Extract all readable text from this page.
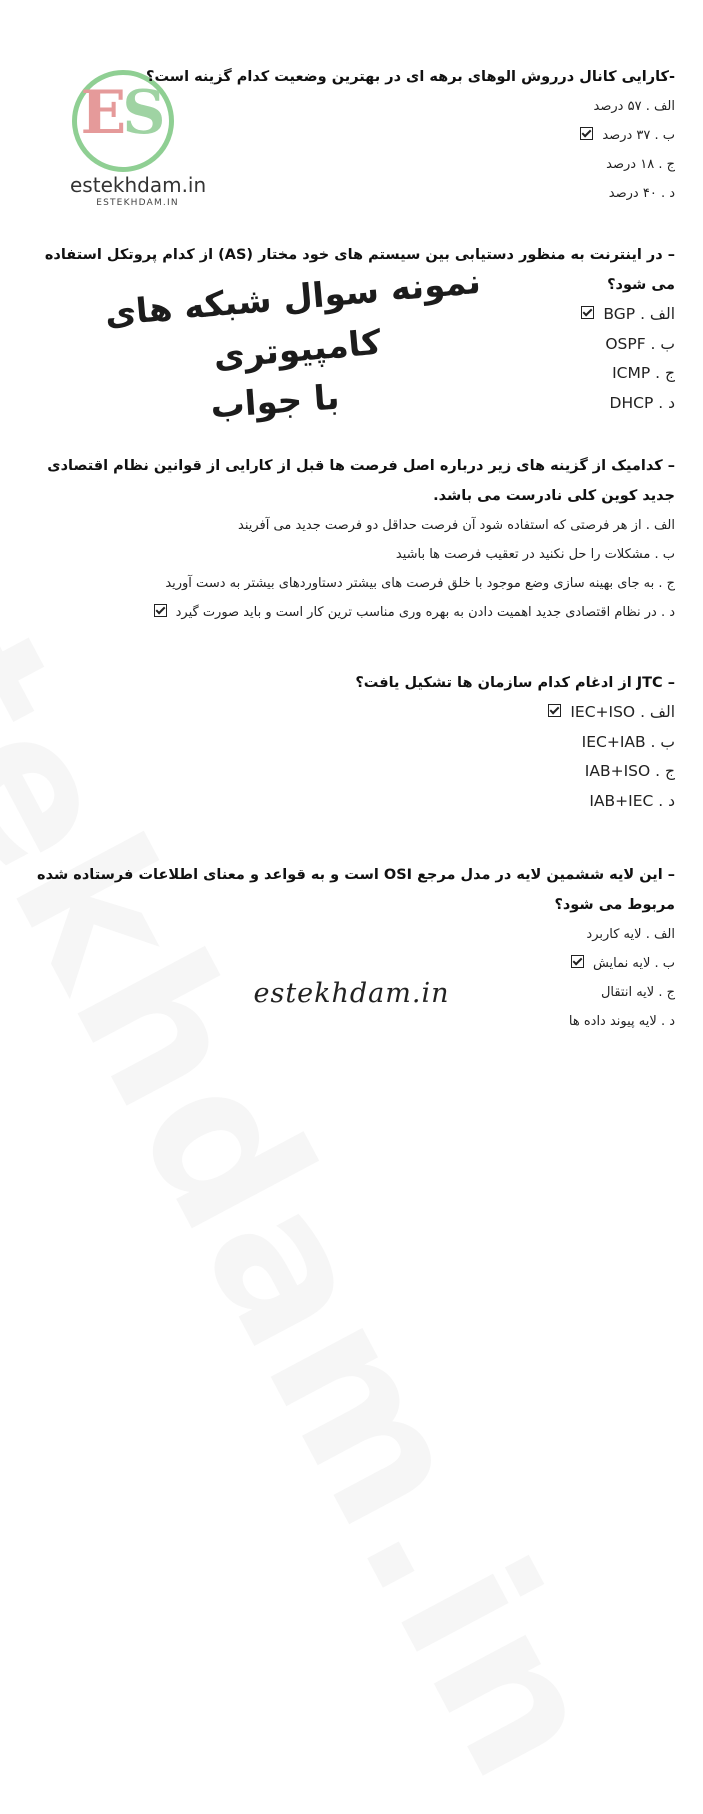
ES
estekhdam.in
ESTEKHDAM.IN
-کارایی کانال درروش الوهای برهه ای در بهترین وضعیت کدام گزینه است؟
الف . ۵۷ درصد
ب . ۳۷ درصد
ج . ۱۸ درصد
د . ۴۰ درصد
– در اینترنت به منظور دستیابی بین سیستم های خود مختار (AS) از کدام پروتکل استفاده می شود؟
الف . BGP
ب . OSPF
ج . ICMP
د . DHCP
– کدامیک از گزینه های زیر درباره اصل فرصت ها قبل از کارایی از قوانین نظام اقتصادی جدید کوین کلی نادرست می باشد.
الف . از هر فرصتی که استفاده شود آن فرصت حداقل دو فرصت جدید می آفریند
ب . مشکلات را حل نکنید در تعقیب فرصت ها باشید
ج . به جای بهینه سازی وضع موجود با خلق فرصت های بیشتر دستاوردهای بیشتر به دست آورید
د . در نظام اقتصادی جدید اهمیت دادن به بهره وری مناسب ترین کار است و باید صورت گیرد
– JTC از ادغام کدام سازمان ها تشکیل یافت؟
الف . IEC+ISO
ب . IEC+IAB
ج . IAB+ISO
د . IAB+IEC
– این لایه ششمین لایه در مدل مرجع OSI است و به قواعد و معنای اطلاعات فرستاده شده مربوط می شود؟
الف . لایه کاربرد
ب . لایه نمایش
ج . لایه انتقال
د . لایه پیوند داده ها
نمونه سوال شبکه های کامپیوتری
با جواب
estekhdam.in
